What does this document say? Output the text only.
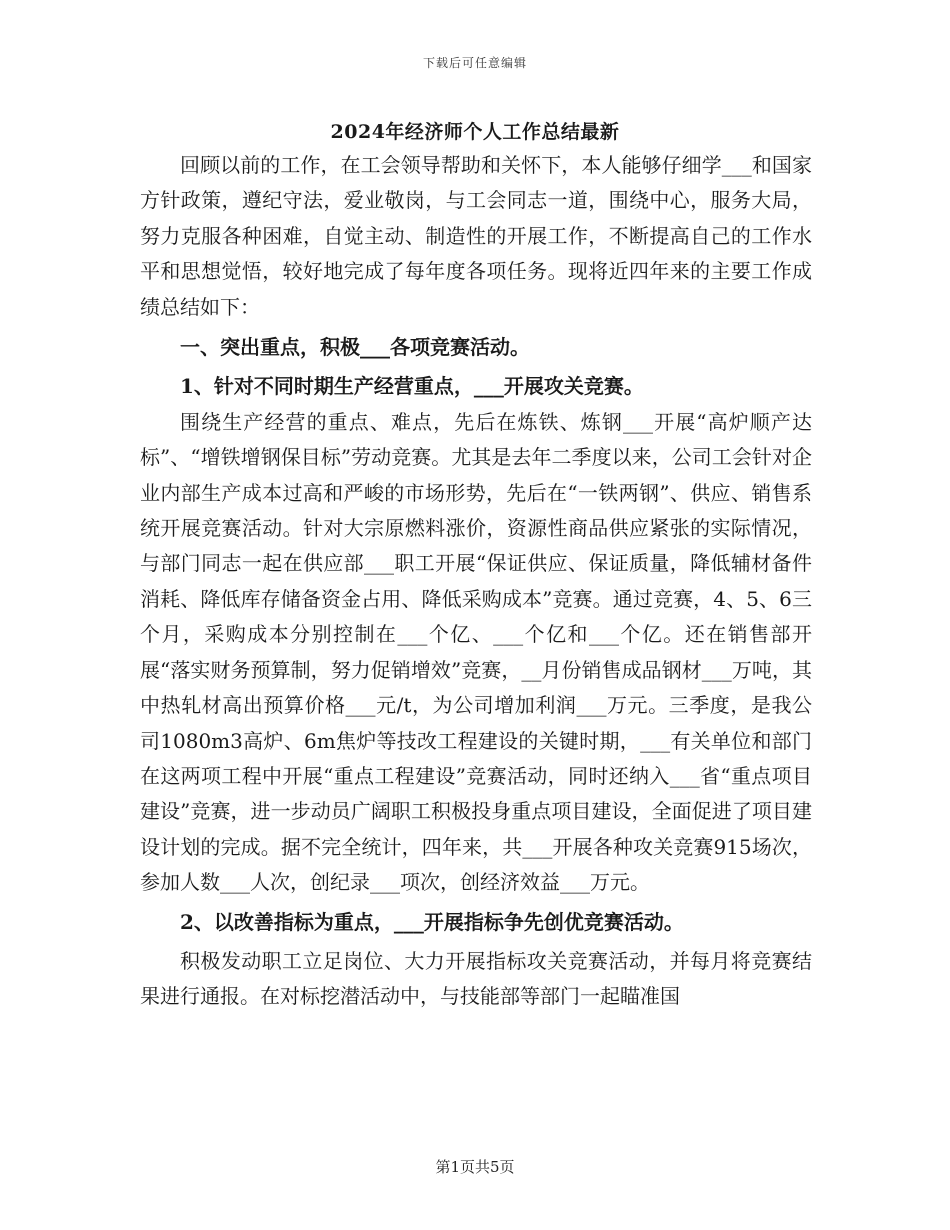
下载后可任意编辑
2024年经济师个人工作总结最新

回顾以前的工作，在工会领导帮助和关怀下，本人能够仔细学___和国家方针政策，遵纪守法，爱业敬岗，与工会同志一道，围绕中心，服务大局，努力克服各种困难，自觉主动、制造性的开展工作，不断提高自己的工作水平和思想觉悟，较好地完成了每年度各项任务。现将近四年来的主要工作成绩总结如下：

一、突出重点，积极___各项竞赛活动。
1、针对不同时期生产经营重点，___开展攻关竞赛。

围绕生产经营的重点、难点，先后在炼铁、炼钢___开展“高炉顺产达标”、“增铁增钢保目标”劳动竞赛。尤其是去年二季度以来，公司工会针对企业内部生产成本过高和严峻的市场形势，先后在“一铁两钢”、供应、销售系统开展竞赛活动。针对大宗原燃料涨价，资源性商品供应紧张的实际情况，与部门同志一起在供应部___职工开展“保证供应、保证质量，降低辅材备件消耗、降低库存储备资金占用、降低采购成本”竞赛。通过竞赛，4、5、6三个月，采购成本分别控制在___个亿、___个亿和___个亿。还在销售部开展“落实财务预算制，努力促销增效”竞赛，__月份销售成品钢材___万吨，其中热轧材高出预算价格___元/t，为公司增加利润___万元。三季度，是我公司1080m3高炉、6m焦炉等技改工程建设的关键时期，___有关单位和部门在这两项工程中开展“重点工程建设”竞赛活动，同时还纳入___省“重点项目建设”竞赛，进一步动员广阔职工积极投身重点项目建设，全面促进了项目建设计划的完成。据不完全统计，四年来，共___开展各种攻关竞赛915场次，参加人数___人次，创纪录___项次，创经济效益___万元。

2、以改善指标为重点，___开展指标争先创优竞赛活动。

积极发动职工立足岗位、大力开展指标攻关竞赛活动，并每月将竞赛结果进行通报。在对标挖潜活动中，与技能部等部门一起瞄准国

第1页共5页
